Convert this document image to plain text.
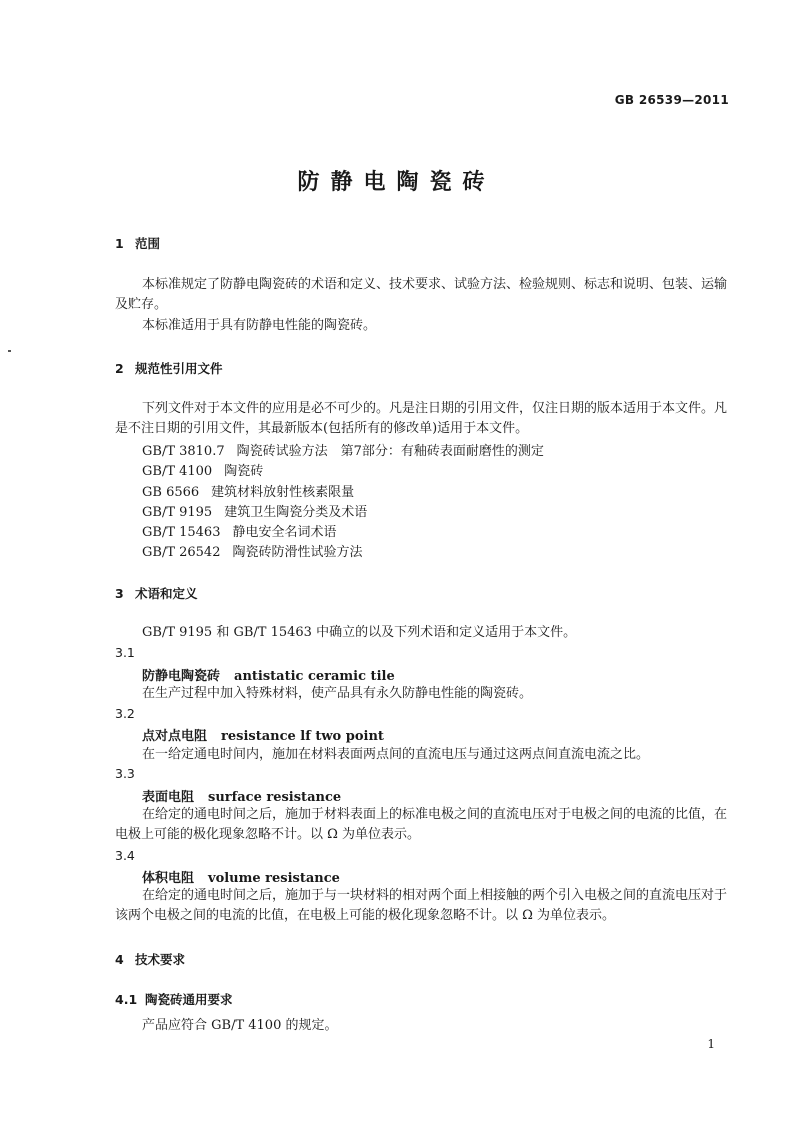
GB 26539—2011
防静电陶瓷砖
1 范围
本标准规定了防静电陶瓷砖的术语和定义、技术要求、试验方法、检验规则、标志和说明、包装、运输及贮存。
本标准适用于具有防静电性能的陶瓷砖。
2 规范性引用文件
下列文件对于本文件的应用是必不可少的。凡是注日期的引用文件，仅注日期的版本适用于本文件。凡是不注日期的引用文件，其最新版本(包括所有的修改单)适用于本文件。
GB/T 3810.7 陶瓷砖试验方法　第7部分：有釉砖表面耐磨性的测定
GB/T 4100 陶瓷砖
GB 6566 建筑材料放射性核素限量
GB/T 9195 建筑卫生陶瓷分类及术语
GB/T 15463 静电安全名词术语
GB/T 26542 陶瓷砖防滑性试验方法
3 术语和定义
GB/T 9195 和 GB/T 15463 中确立的以及下列术语和定义适用于本文件。
3.1
防静电陶瓷砖 antistatic ceramic tile
在生产过程中加入特殊材料，使产品具有永久防静电性能的陶瓷砖。
3.2
点对点电阻 resistance lf two point
在一给定通电时间内，施加在材料表面两点间的直流电压与通过这两点间直流电流之比。
3.3
表面电阻 surface resistance
在给定的通电时间之后，施加于材料表面上的标准电极之间的直流电压对于电极之间的电流的比值，在电极上可能的极化现象忽略不计。以 Ω 为单位表示。
3.4
体积电阻 volume resistance
在给定的通电时间之后，施加于与一块材料的相对两个面上相接触的两个引入电极之间的直流电压对于该两个电极之间的电流的比值，在电极上可能的极化现象忽略不计。以 Ω 为单位表示。
4 技术要求
4.1 陶瓷砖通用要求
产品应符合 GB/T 4100 的规定。
1
